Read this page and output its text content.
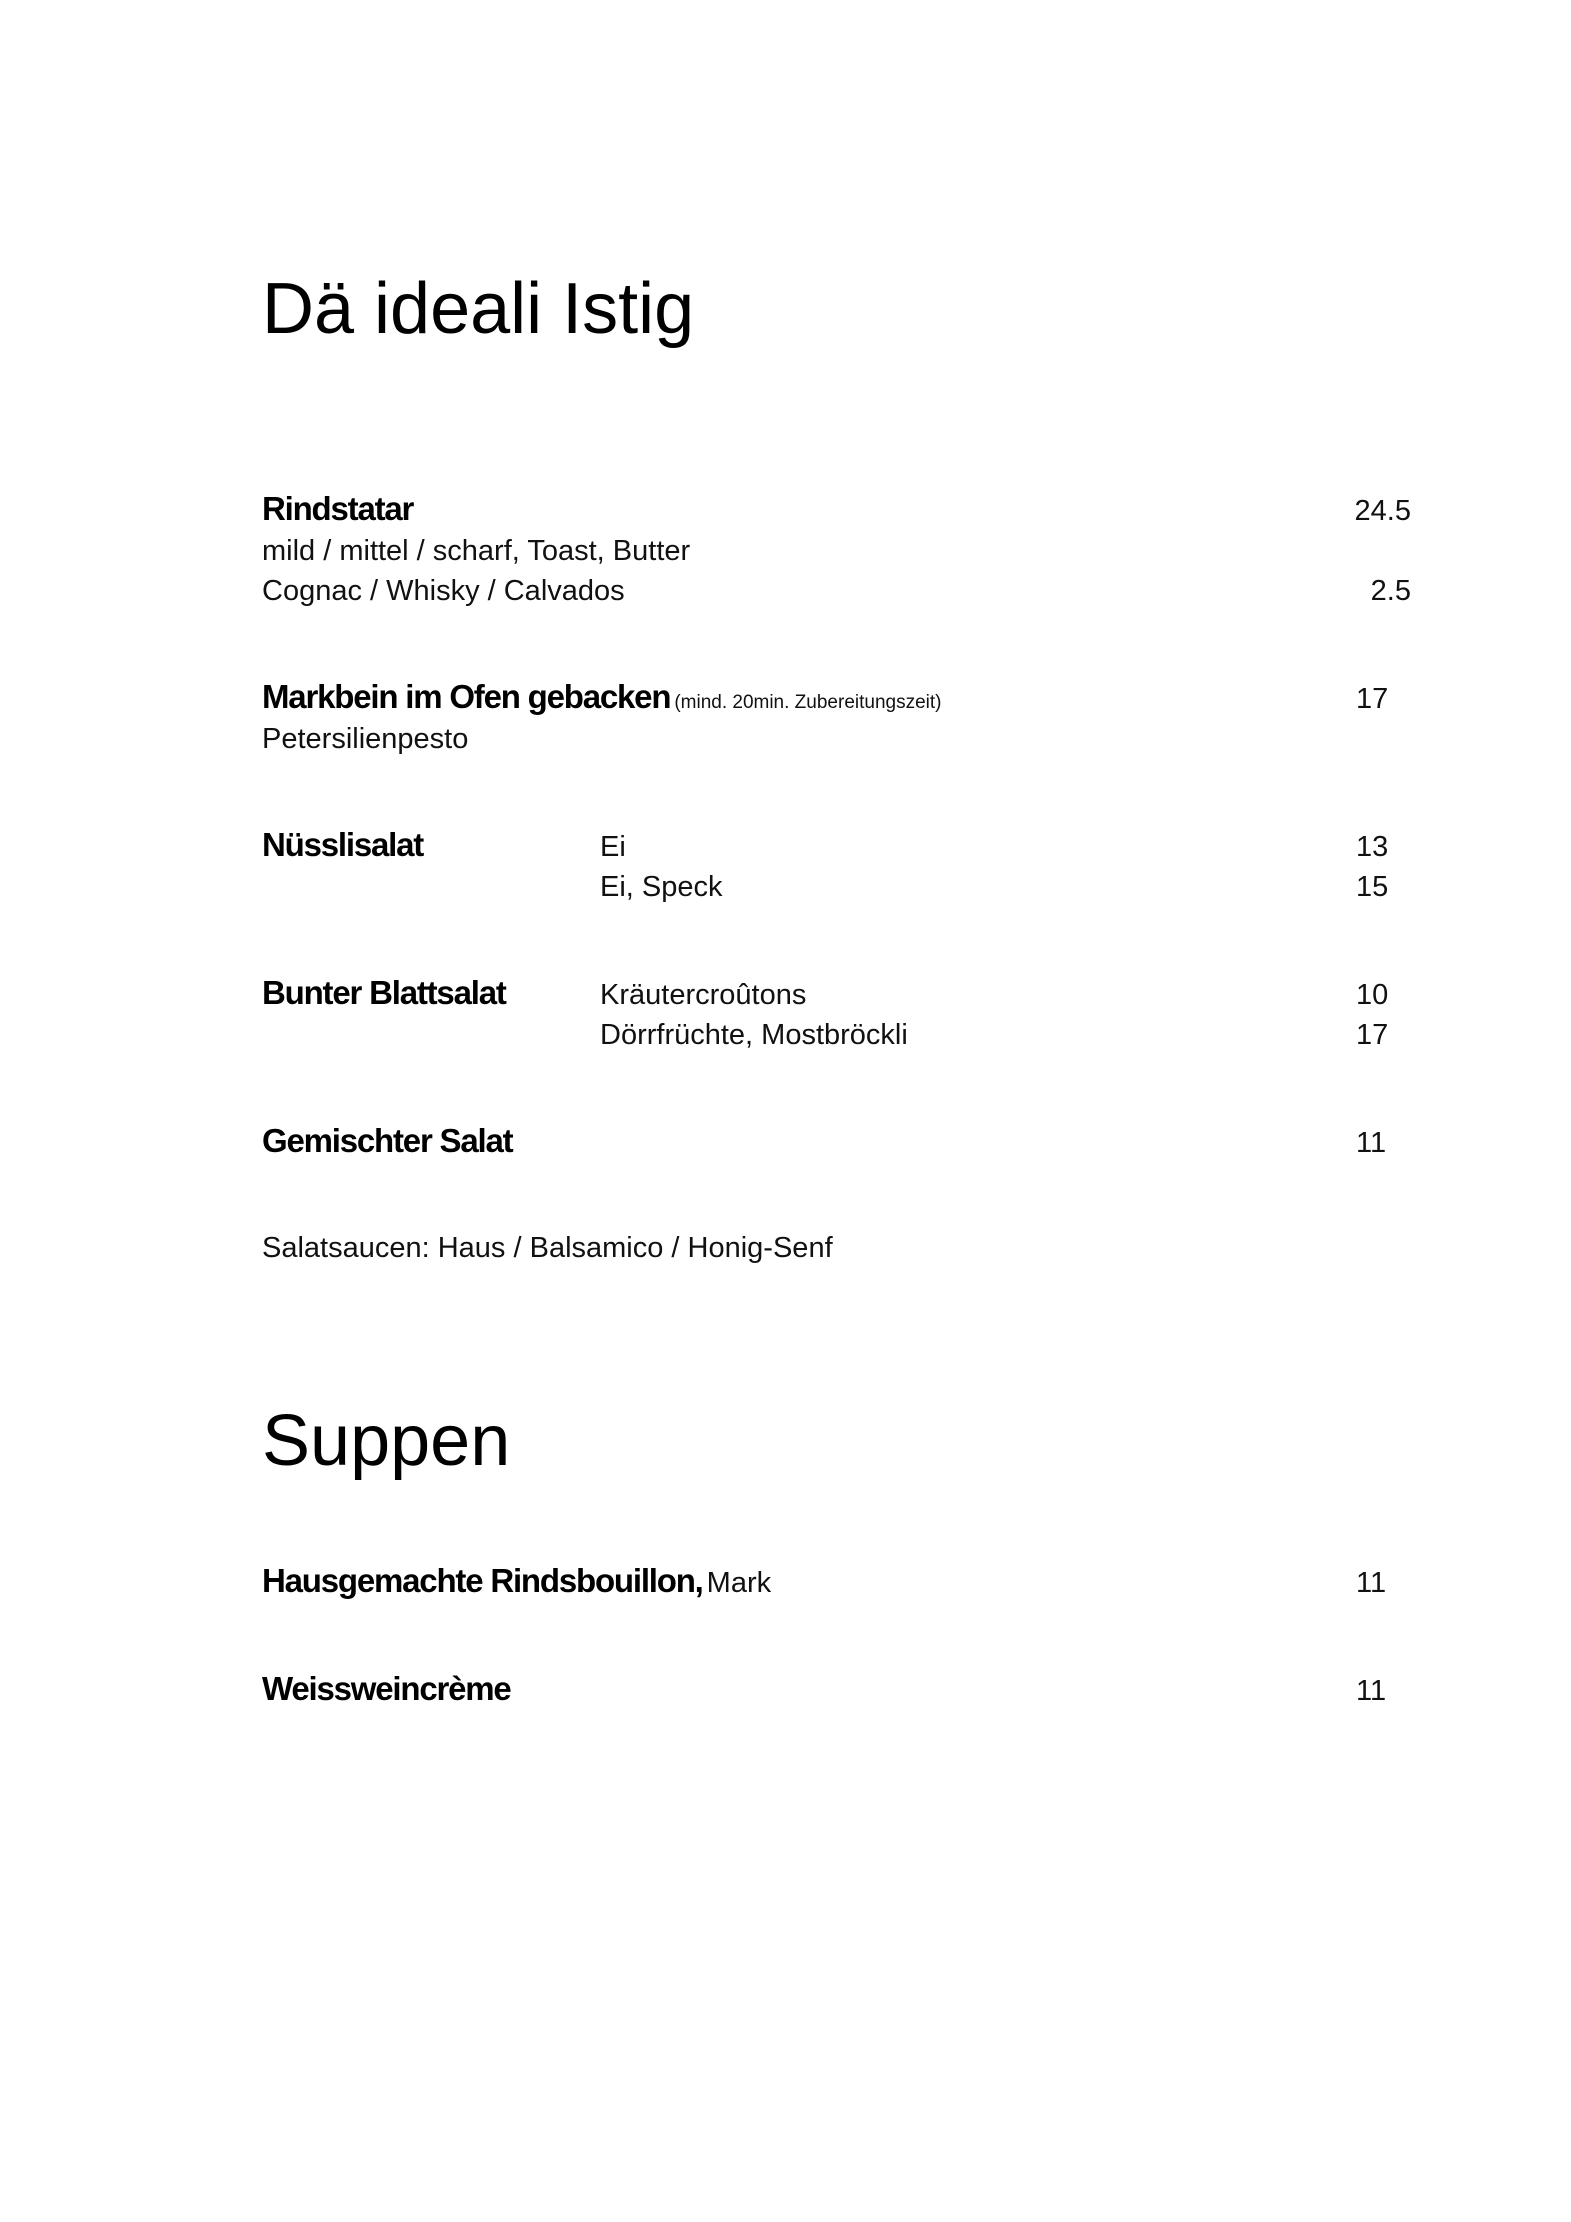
Dä ideali Istig
Rindstatar	24.5
mild / mittel / scharf, Toast, Butter
Cognac / Whisky / Calvados	2.5
Markbein im Ofen gebacken (mind. 20min. Zubereitungszeit)	17
Petersilienpesto
Nüsslisalat	Ei	13
Ei, Speck	15
Bunter Blattsalat	Kräutercroûtons	10
Dörrfrüchte, Mostbröckli	17
Gemischter Salat	11
Salatsaucen: Haus / Balsamico / Honig-Senf
Suppen
Hausgemachte Rindsbouillon, Mark	11
Weissweincrème	11
